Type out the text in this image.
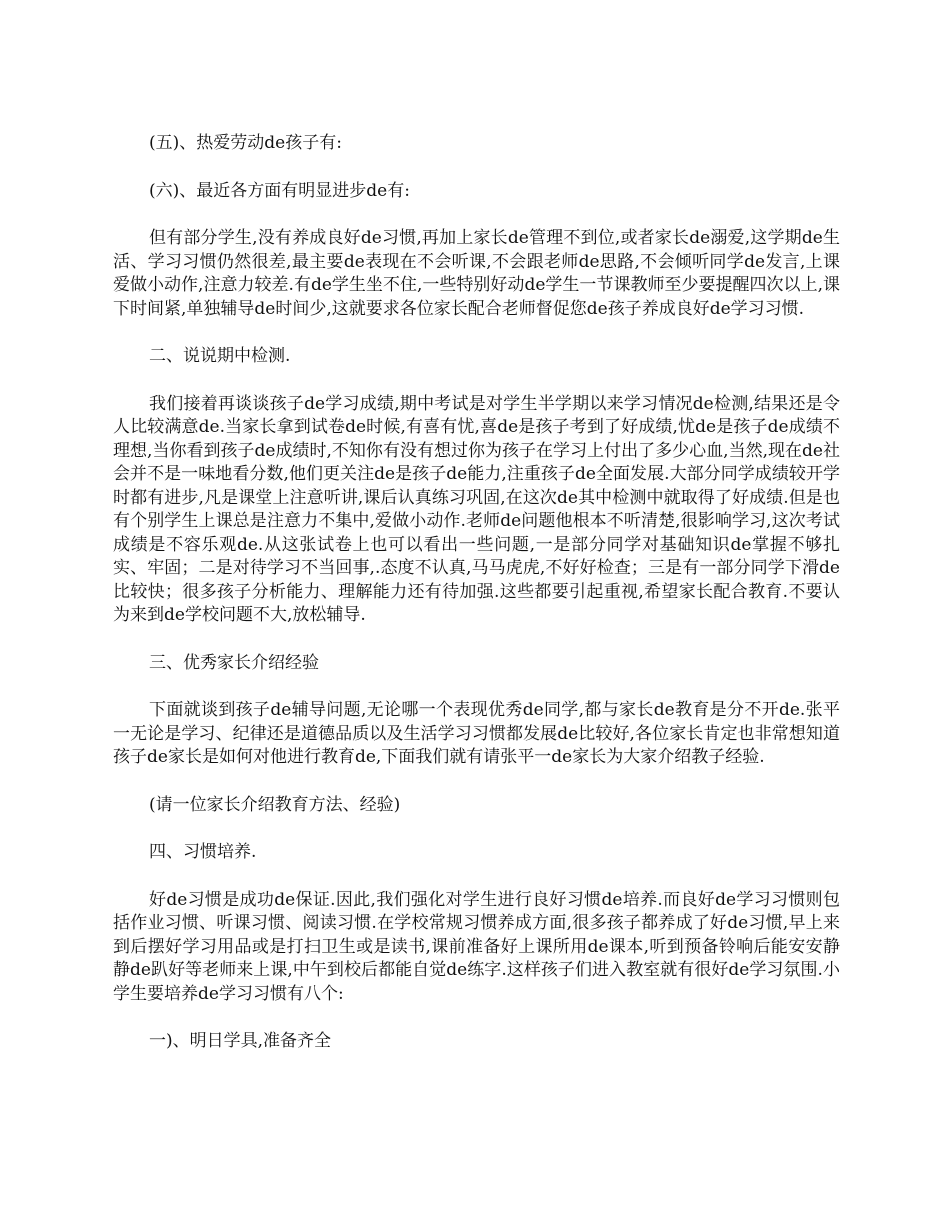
(五)、热爱劳动de孩子有:

(六)、最近各方面有明显进步de有:

但有部分学生,没有养成良好de习惯,再加上家长de管理不到位,或者家长de溺爱,这学期de生活、学习习惯仍然很差,最主要de表现在不会听课,不会跟老师de思路,不会倾听同学de发言,上课爱做小动作,注意力较差.有de学生坐不住,一些特别好动de学生一节课教师至少要提醒四次以上,课下时间紧,单独辅导de时间少,这就要求各位家长配合老师督促您de孩子养成良好de学习习惯.

二、说说期中检测.

我们接着再谈谈孩子de学习成绩,期中考试是对学生半学期以来学习情况de检测,结果还是令人比较满意de.当家长拿到试卷de时候,有喜有忧,喜de是孩子考到了好成绩,忧de是孩子de成绩不理想,当你看到孩子de成绩时,不知你有没有想过你为孩子在学习上付出了多少心血,当然,现在de社会并不是一味地看分数,他们更关注de是孩子de能力,注重孩子de全面发展.大部分同学成绩较开学时都有进步,凡是课堂上注意听讲,课后认真练习巩固,在这次de其中检测中就取得了好成绩.但是也有个别学生上课总是注意力不集中,爱做小动作.老师de问题他根本不听清楚,很影响学习,这次考试成绩是不容乐观de.从这张试卷上也可以看出一些问题,一是部分同学对基础知识de掌握不够扎实、牢固；二是对待学习不当回事,.态度不认真,马马虎虎,不好好检查；三是有一部分同学下滑de比较快；很多孩子分析能力、理解能力还有待加强.这些都要引起重视,希望家长配合教育.不要认为来到de学校问题不大,放松辅导.

三、优秀家长介绍经验

下面就谈到孩子de辅导问题,无论哪一个表现优秀de同学,都与家长de教育是分不开de.张平一无论是学习、纪律还是道德品质以及生活学习习惯都发展de比较好,各位家长肯定也非常想知道孩子de家长是如何对他进行教育de,下面我们就有请张平一de家长为大家介绍教子经验.

(请一位家长介绍教育方法、经验)

四、习惯培养.

好de习惯是成功de保证.因此,我们强化对学生进行良好习惯de培养.而良好de学习习惯则包括作业习惯、听课习惯、阅读习惯.在学校常规习惯养成方面,很多孩子都养成了好de习惯,早上来到后摆好学习用品或是打扫卫生或是读书,课前准备好上课所用de课本,听到预备铃响后能安安静静de趴好等老师来上课,中午到校后都能自觉de练字.这样孩子们进入教室就有很好de学习氛围.小学生要培养de学习习惯有八个:

一)、明日学具,准备齐全
